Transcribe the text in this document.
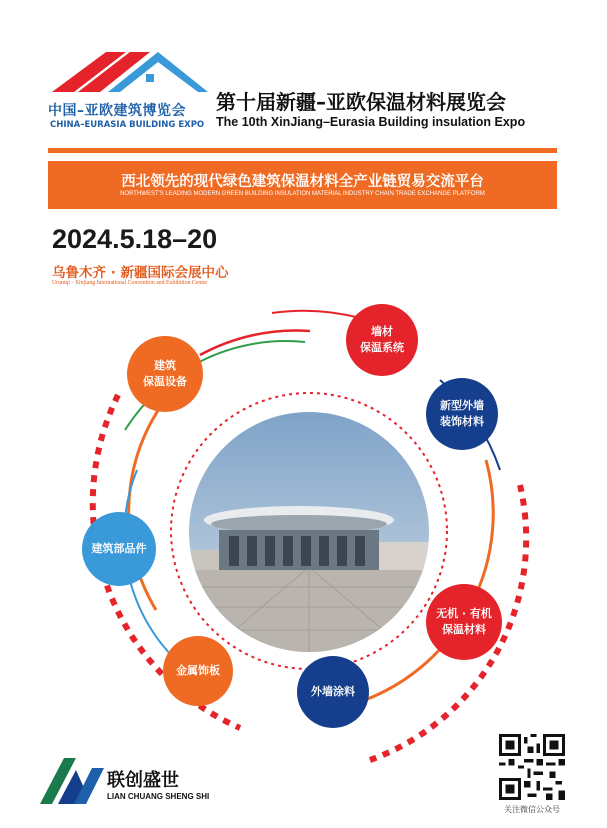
中国–亚欧建筑博览会
CHINA–EURASIA BUILDING EXPO
第十届新疆–亚欧保温材料展览会
The 10th XinJiang–Eurasia Building insulation Expo
西北领先的现代绿色建筑保温材料全产业链贸易交流平台
NORTHWEST'S LEADING MODERN GREEN BUILDING INSULATION MATERIAL INDUSTRY CHAIN TRADE EXCHANGE PLATFORM
2024.5.18–20
乌鲁木齐 · 新疆国际会展中心
Urumqi · Xinjiang International Convention and Exhibition Center
建筑
保温设备
墙材
保温系统
新型外墙
装饰材料
建筑部品件
无机 · 有机
保温材料
金属饰板
外墙涂料
联创盛世
LIAN CHUANG SHENG SHI
关注微信公众号
